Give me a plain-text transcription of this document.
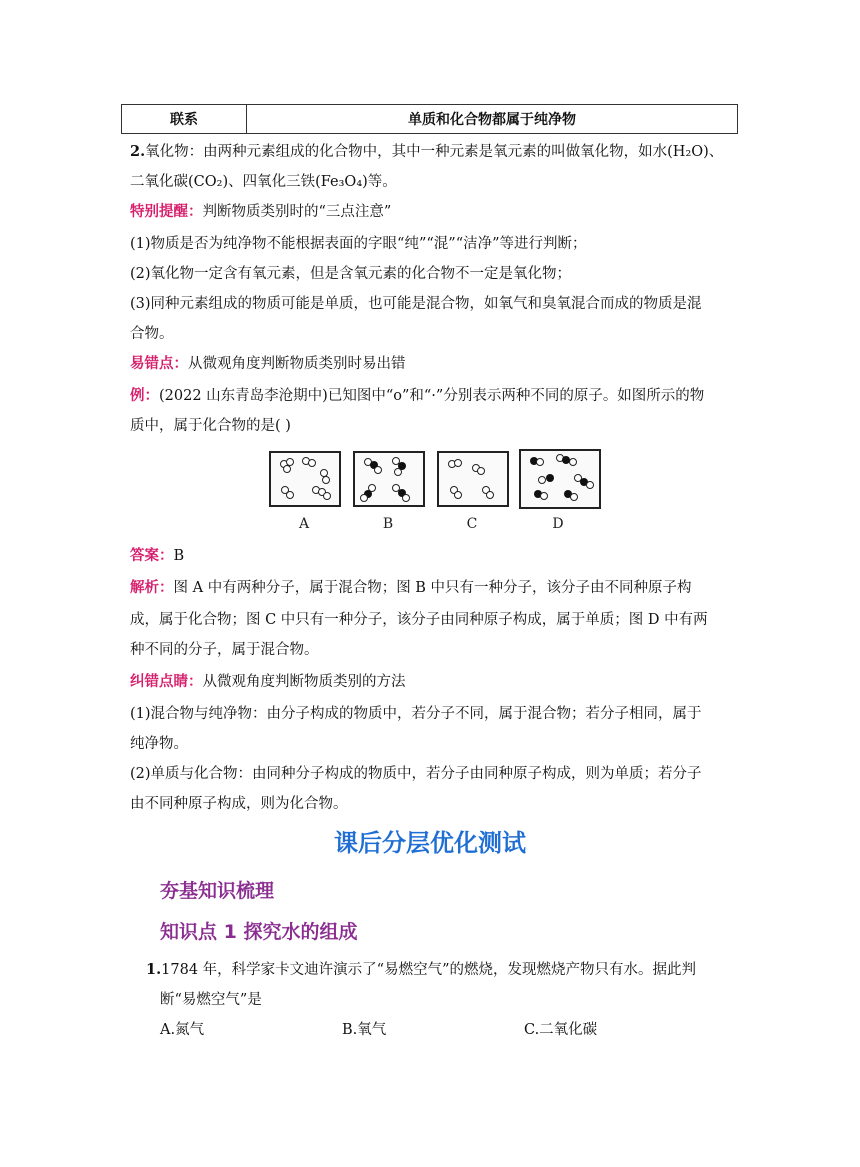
联系	单质和化合物都属于纯净物
2.氧化物：由两种元素组成的化合物中，其中一种元素是氧元素的叫做氧化物，如水(H₂O)、
二氧化碳(CO₂)、四氧化三铁(Fe₃O₄)等。
特别提醒：判断物质类别时的“三点注意”
(1)物质是否为纯净物不能根据表面的字眼“纯”“混”“洁净”等进行判断；
(2)氧化物一定含有氧元素，但是含氧元素的化合物不一定是氧化物；
(3)同种元素组成的物质可能是单质，也可能是混合物，如氧气和臭氧混合而成的物质是混
合物。
易错点：从微观角度判断物质类别时易出错
例：(2022 山东青岛李沧期中)已知图中“o”和“·”分别表示两种不同的原子。如图所示的物
质中，属于化合物的是( )
A	B	C	D
答案：B
解析：图 A 中有两种分子，属于混合物；图 B 中只有一种分子，该分子由不同种原子构
成，属于化合物；图 C 中只有一种分子，该分子由同种原子构成，属于单质；图 D 中有两
种不同的分子，属于混合物。
纠错点睛：从微观角度判断物质类别的方法
(1)混合物与纯净物：由分子构成的物质中，若分子不同，属于混合物；若分子相同，属于
纯净物。
(2)单质与化合物：由同种分子构成的物质中，若分子由同种原子构成，则为单质；若分子
由不同种原子构成，则为化合物。
课后分层优化测试
夯基知识梳理
知识点 1 探究水的组成
1.1784 年，科学家卡文迪许演示了“易燃空气”的燃烧，发现燃烧产物只有水。据此判
断“易燃空气”是
A.氮气	B.氧气	C.二氧化碳
